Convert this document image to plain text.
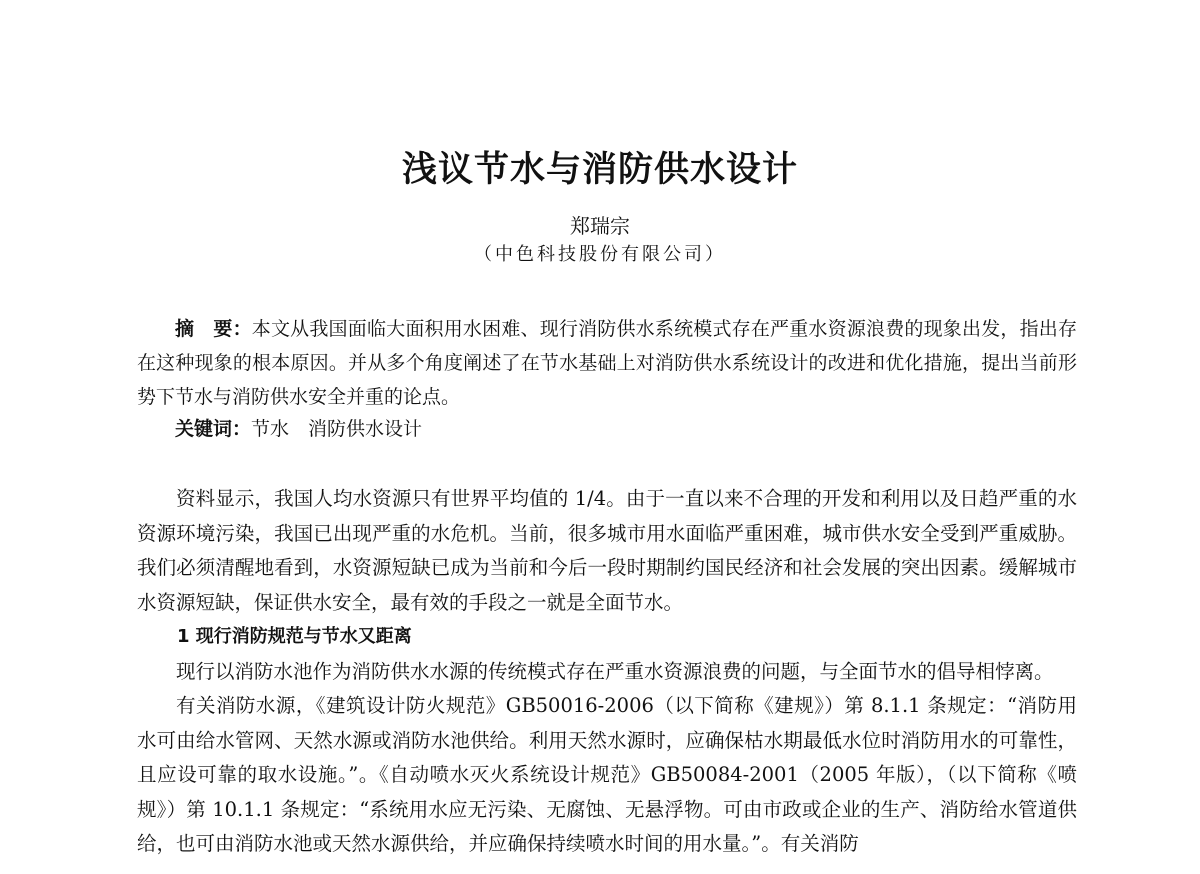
浅议节水与消防供水设计
郑瑞宗
（中色科技股份有限公司）

摘　要：本文从我国面临大面积用水困难、现行消防供水系统模式存在严重水资源浪费的现象出发，指出存在这种现象的根本原因。并从多个角度阐述了在节水基础上对消防供水系统设计的改进和优化措施，提出当前形势下节水与消防供水安全并重的论点。

关键词：节水　消防供水设计

资料显示，我国人均水资源只有世界平均值的 1/4。由于一直以来不合理的开发和利用以及日趋严重的水资源环境污染，我国已出现严重的水危机。当前，很多城市用水面临严重困难，城市供水安全受到严重威胁。我们必须清醒地看到，水资源短缺已成为当前和今后一段时期制约国民经济和社会发展的突出因素。缓解城市水资源短缺，保证供水安全，最有效的手段之一就是全面节水。

1 现行消防规范与节水又距离

现行以消防水池作为消防供水水源的传统模式存在严重水资源浪费的问题，与全面节水的倡导相悖离。

有关消防水源，《建筑设计防火规范》GB50016-2006（以下简称《建规》）第 8.1.1 条规定：“消防用水可由给水管网、天然水源或消防水池供给。利用天然水源时，应确保枯水期最低水位时消防用水的可靠性，且应设可靠的取水设施。”。《自动喷水灭火系统设计规范》GB50084-2001（2005 年版），（以下简称《喷规》）第 10.1.1 条规定：“系统用水应无污染、无腐蚀、无悬浮物。可由市政或企业的生产、消防给水管道供给，也可由消防水池或天然水源供给，并应确保持续喷水时间的用水量。”。有关消防
